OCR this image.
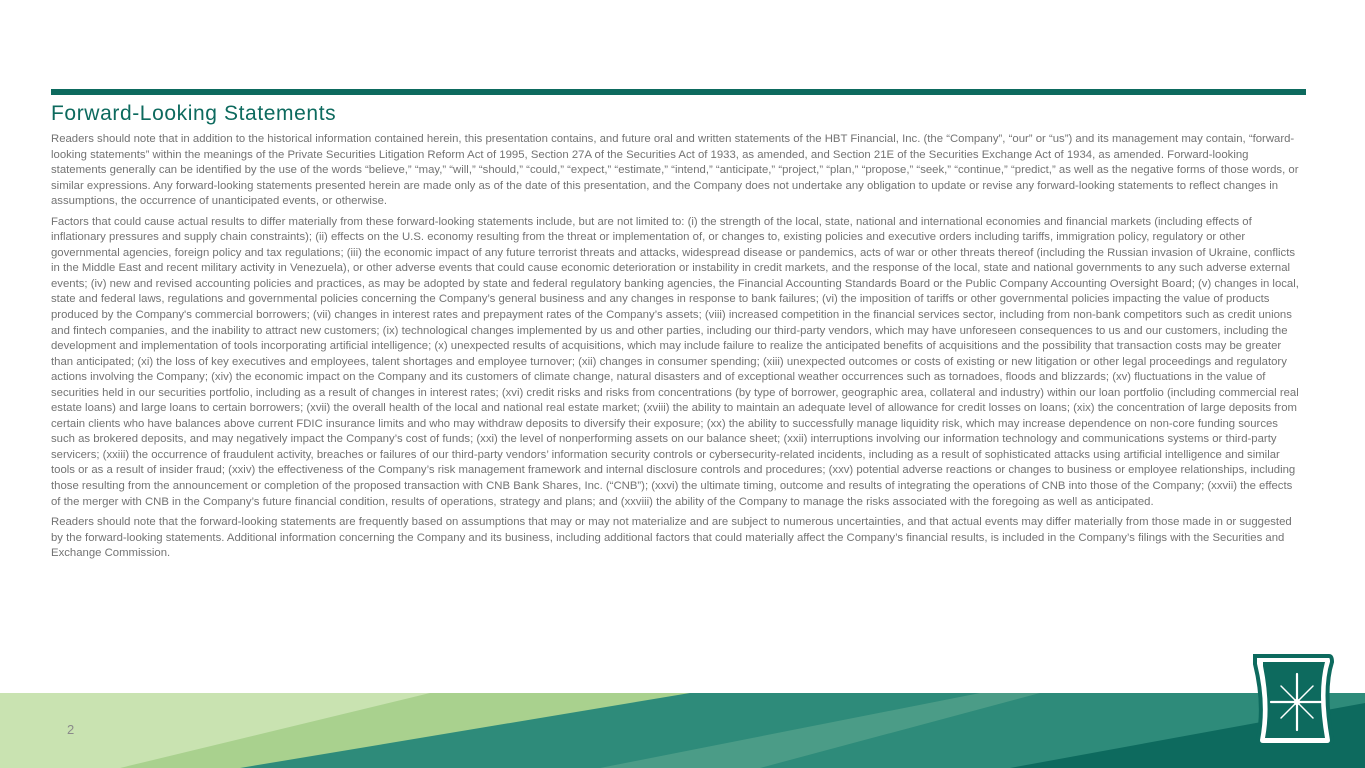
Forward-Looking Statements

Readers should note that in addition to the historical information contained herein, this presentation contains, and future oral and written statements of the HBT Financial, Inc. (the “Company”, “our” or “us”) and its management may contain, “forward-looking statements” within the meanings of the Private Securities Litigation Reform Act of 1995, Section 27A of the Securities Act of 1933, as amended, and Section 21E of the Securities Exchange Act of 1934, as amended. Forward-looking statements generally can be identified by the use of the words “believe,” “may,” “will,” “should,” “could,” “expect,” “estimate,” “intend,” “anticipate,” “project,” “plan,” “propose,” “seek,” “continue,” “predict,” as well as the negative forms of those words, or similar expressions. Any forward-looking statements presented herein are made only as of the date of this presentation, and the Company does not undertake any obligation to update or revise any forward-looking statements to reflect changes in assumptions, the occurrence of unanticipated events, or otherwise.

Factors that could cause actual results to differ materially from these forward-looking statements include, but are not limited to: (i) the strength of the local, state, national and international economies and financial markets (including effects of inflationary pressures and supply chain constraints); (ii) effects on the U.S. economy resulting from the threat or implementation of, or changes to, existing policies and executive orders including tariffs, immigration policy, regulatory or other governmental agencies, foreign policy and tax regulations; (iii) the economic impact of any future terrorist threats and attacks, widespread disease or pandemics, acts of war or other threats thereof (including the Russian invasion of Ukraine, conflicts in the Middle East and recent military activity in Venezuela), or other adverse events that could cause economic deterioration or instability in credit markets, and the response of the local, state and national governments to any such adverse external events; (iv) new and revised accounting policies and practices, as may be adopted by state and federal regulatory banking agencies, the Financial Accounting Standards Board or the Public Company Accounting Oversight Board; (v) changes in local, state and federal laws, regulations and governmental policies concerning the Company’s general business and any changes in response to bank failures; (vi) the imposition of tariffs or other governmental policies impacting the value of products produced by the Company's commercial borrowers; (vii) changes in interest rates and prepayment rates of the Company’s assets; (viii) increased competition in the financial services sector, including from non-bank competitors such as credit unions and fintech companies, and the inability to attract new customers; (ix) technological changes implemented by us and other parties, including our third-party vendors, which may have unforeseen consequences to us and our customers, including the development and implementation of tools incorporating artificial intelligence; (x) unexpected results of acquisitions, which may include failure to realize the anticipated benefits of acquisitions and the possibility that transaction costs may be greater than anticipated; (xi) the loss of key executives and employees, talent shortages and employee turnover; (xii) changes in consumer spending; (xiii) unexpected outcomes or costs of existing or new litigation or other legal proceedings and regulatory actions involving the Company; (xiv) the economic impact on the Company and its customers of climate change, natural disasters and of exceptional weather occurrences such as tornadoes, floods and blizzards; (xv) fluctuations in the value of securities held in our securities portfolio, including as a result of changes in interest rates; (xvi) credit risks and risks from concentrations (by type of borrower, geographic area, collateral and industry) within our loan portfolio (including commercial real estate loans) and large loans to certain borrowers; (xvii) the overall health of the local and national real estate market; (xviii) the ability to maintain an adequate level of allowance for credit losses on loans; (xix) the concentration of large deposits from certain clients who have balances above current FDIC insurance limits and who may withdraw deposits to diversify their exposure; (xx) the ability to successfully manage liquidity risk, which may increase dependence on non-core funding sources such as brokered deposits, and may negatively impact the Company’s cost of funds; (xxi) the level of nonperforming assets on our balance sheet; (xxii) interruptions involving our information technology and communications systems or third-party servicers; (xxiii) the occurrence of fraudulent activity, breaches or failures of our third-party vendors’ information security controls or cybersecurity-related incidents, including as a result of sophisticated attacks using artificial intelligence and similar tools or as a result of insider fraud; (xxiv) the effectiveness of the Company’s risk management framework and internal disclosure controls and procedures; (xxv) potential adverse reactions or changes to business or employee relationships, including those resulting from the announcement or completion of the proposed transaction with CNB Bank Shares, Inc. (“CNB”); (xxvi) the ultimate timing, outcome and results of integrating the operations of CNB into those of the Company; (xxvii) the effects of the merger with CNB in the Company’s future financial condition, results of operations, strategy and plans; and (xxviii) the ability of the Company to manage the risks associated with the foregoing as well as anticipated.

Readers should note that the forward-looking statements are frequently based on assumptions that may or may not materialize and are subject to numerous uncertainties, and that actual events may differ materially from those made in or suggested by the forward-looking statements. Additional information concerning the Company and its business, including additional factors that could materially affect the Company’s financial results, is included in the Company’s filings with the Securities and Exchange Commission.

2
